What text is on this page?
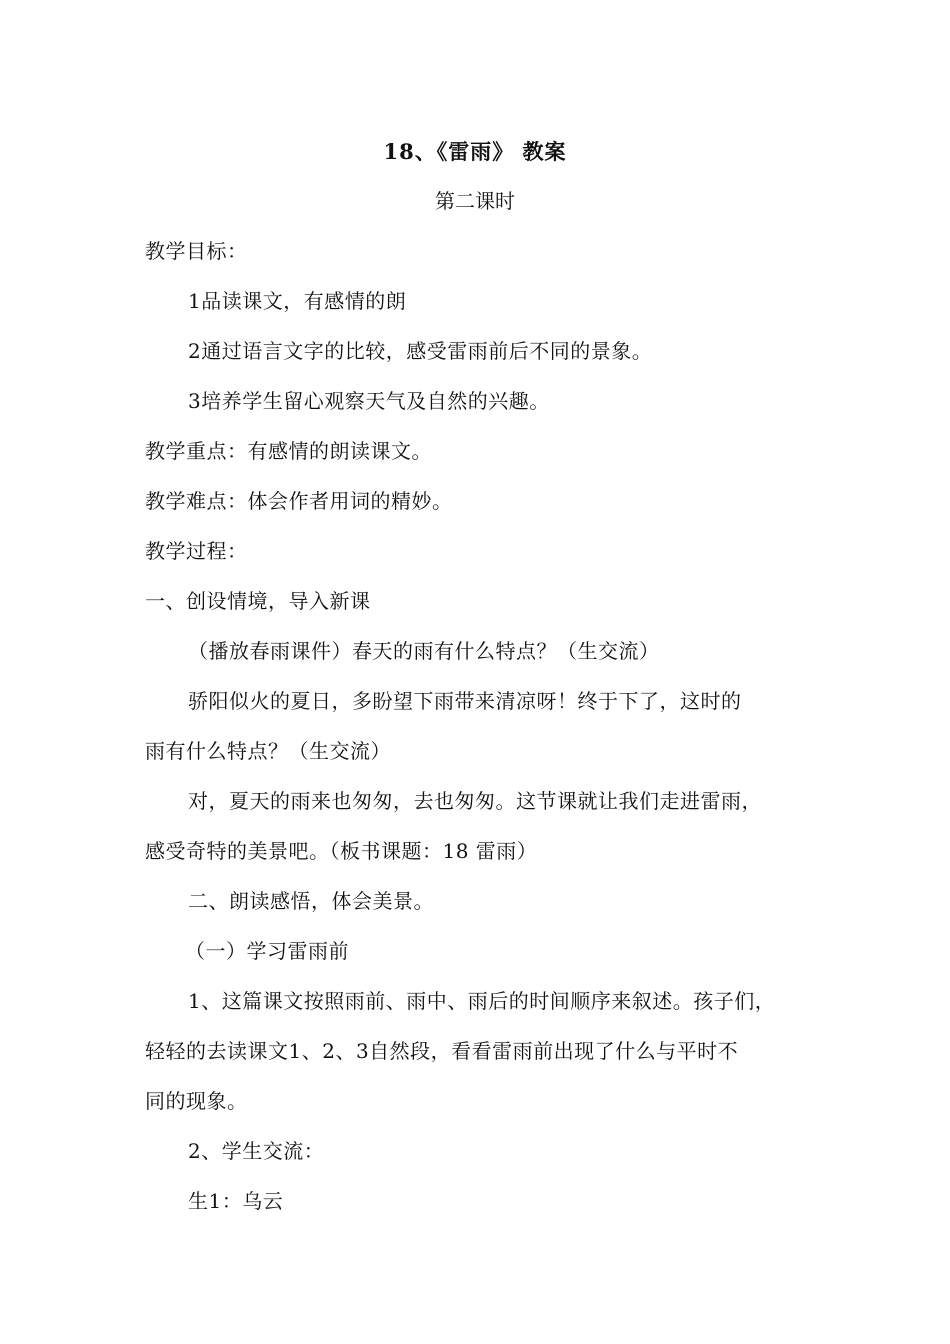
18、《雷雨》 教案
第二课时
教学目标：
1品读课文，有感情的朗
2通过语言文字的比较，感受雷雨前后不同的景象。
3培养学生留心观察天气及自然的兴趣。
教学重点：有感情的朗读课文。
教学难点：体会作者用词的精妙。
教学过程：
一、创设情境，导入新课
（播放春雨课件）春天的雨有什么特点？（生交流）
骄阳似火的夏日，多盼望下雨带来清凉呀！终于下了，这时的
雨有什么特点？（生交流）
对，夏天的雨来也匆匆，去也匆匆。这节课就让我们走进雷雨，
感受奇特的美景吧。（板书课题：18 雷雨）
二、朗读感悟，体会美景。
（一）学习雷雨前
1、这篇课文按照雨前、雨中、雨后的时间顺序来叙述。孩子们，
轻轻的去读课文1、2、3自然段，看看雷雨前出现了什么与平时不
同的现象。
2、学生交流：
生1：乌云
